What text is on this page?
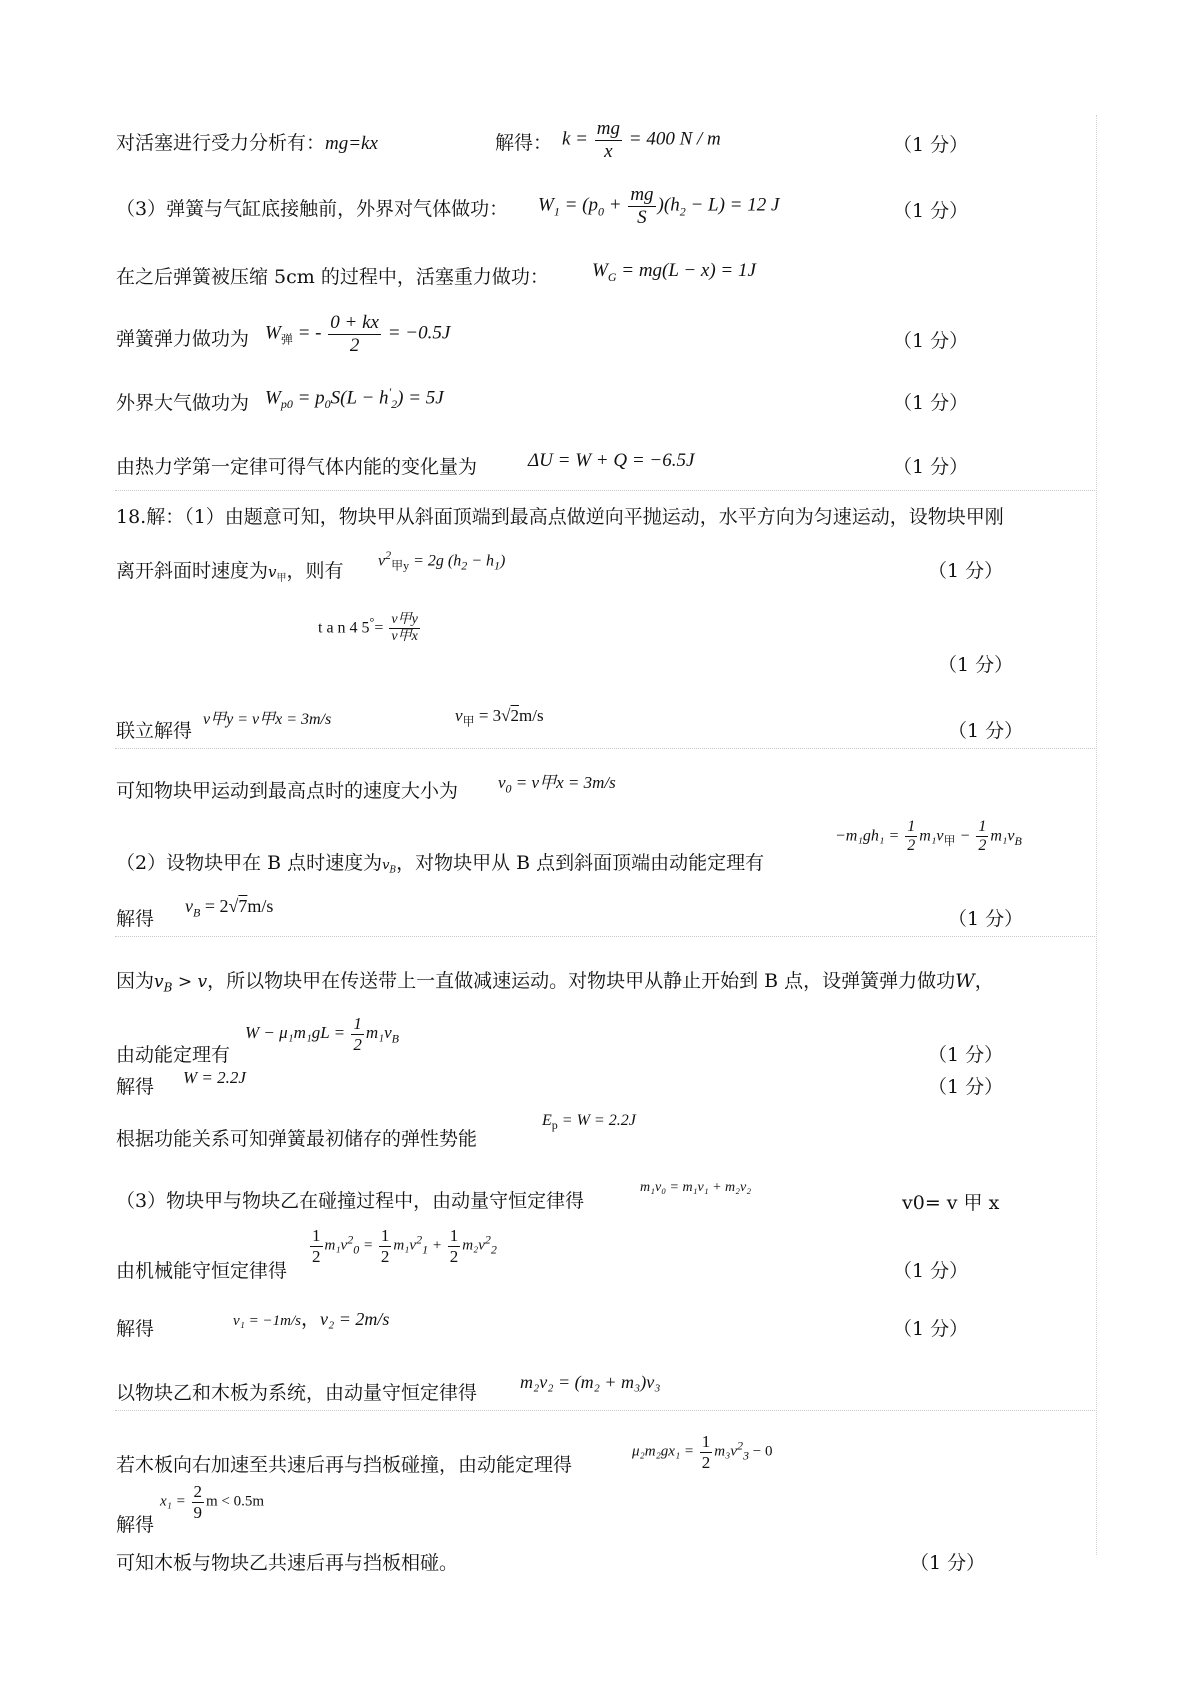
对活塞进行受力分析有：mg=kx	解得： $k = \frac{mg}{x} = 400$ N / m	（1 分）
（3）弹簧与气缸底接触前，外界对气体做功： $W_1 = (p_0 + \frac{mg}{S} )(h_2 - L) = 12$ J	（1 分）
在之后弹簧被压缩 5cm 的过程中，活塞重力做功： $W_G = mg(L - x) = 1J$
弹簧弹力做功为 $W_弹$ = - $\frac{0 + kx}{2} = -0.5J$	（1 分）
外界大气做功为 $W_{p0} = p_0S(L - h'_2) = 5J$	（1 分）
由热力学第一定律可得气体内能的变化量为	ΔU = W + Q = −6.5J	（1 分）
18.解：（1）由题意可知，物块甲从斜面顶端到最高点做逆向平抛运动，水平方向为匀速运动，设物块甲刚
离开斜面时速度为$v_甲$，则有 $v^2_{甲y} = 2g$ $(h_2 - h_1)$	（1 分）
t a n 4 $5^\circ= \frac{\text{v甲y}}{\text{v甲x}}$
（1 分）
联立解得
v甲y = v甲x = 3m/s	$v_甲 = 3√2m/s$
（1 分）
可知物块甲运动到最高点时的速度大小为 $v_0 = v$甲x = 3m/s
（2）设物块甲在 B 点时速度为$v_B$，对物块甲从 B 点到斜面顶端由动能定理有
$-m_1gh_1 = \frac{1}{2} m_1v_甲 - \frac{1}{2} m_1v_B$
解得
$v_B = 2√7m/s$
（1 分）
因为$v_B > v$，所以物块甲在传送带上一直做减速运动。对物块甲从静止开始到 B 点，设弹簧弹力做功W，
$W - \mu_1m_1gL = \frac{1}{2} m_1v_B$
由动能定理有	（1 分）
解得 W = 2.2J	（1 分）
根据功能关系可知弹簧最初储存的弹性势能
$E_p = W = 2.2J$
（3）物块甲与物块乙在碰撞过程中，由动量守恒定律得
m₁v₀ = m₁v₁ + m₂v₂
v0= v 甲 x
$\frac{1}{2} m_1v^2_0 = \frac{1}{2} m_1v^2_1 + \frac{1}{2} m_2v^2_2$
由机械能守恒定律得	（1 分）
解得	v₁ = −1m/s，v₂ = 2m/s	（1 分）
以物块乙和木板为系统，由动量守恒定律得 m₂v₂ = (m₂ + m₃)v₃
$\mu_2m_2gx_1 = \frac{1}{2} m_3v^2_3 - 0$
若木板向右加速至共速后再与挡板碰撞，由动能定理得
$x_1 = \frac{2}{9}$ m < 0.5m
解得
可知木板与物块乙共速后再与挡板相碰。	（1 分）
